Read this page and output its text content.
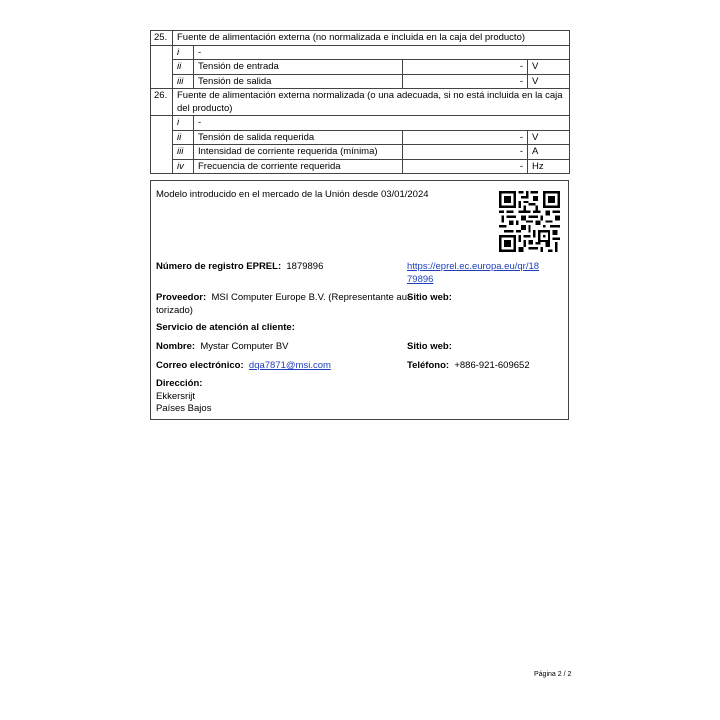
25.	Fuente de alimentación externa (no normalizada e incluida en la caja del producto)			
	i	-		
	ii	Tensión de entrada	-	V
	iii	Tensión de salida	-	V
26.	Fuente de alimentación externa normalizada (o una adecuada, si no está incluida en la caja
del producto)			

	i	-		
	ii	Tensión de salida requerida	-	V
	iii	Intensidad de corriente requerida (mínima)	-	A
	iv	Frecuencia de corriente requerida	-	Hz
Modelo introducido en el mercado de la Unión desde 03/01/2024
Número de registro EPREL: 1879896	https://eprel.ec.europa.eu/qr/18
79896
Proveedor: MSI Computer Europe B.V. (Representante au-
torizado)
Sitio web:
Servicio de atención al cliente:
Nombre: Mystar Computer BV	Sitio web:
Correo electrónico: dqa7871@msi.com	Teléfono: +886-921-609652
Dirección:
Ekkersrijt
Países Bajos
Página 2 / 2
